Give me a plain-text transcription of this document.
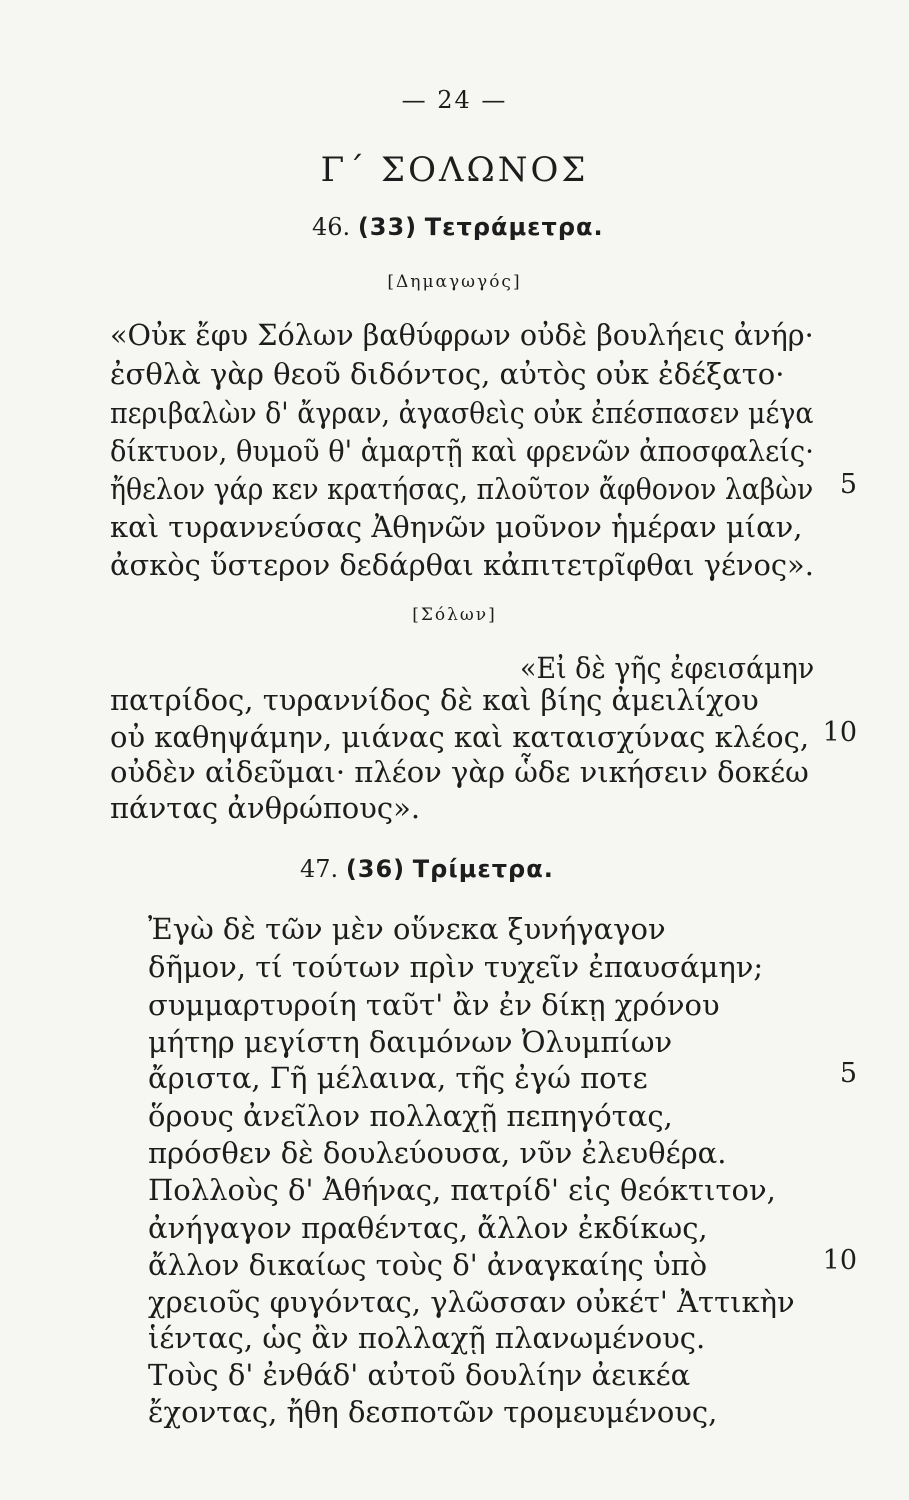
— 24 —
Γ΄ ΣΟΛΩΝΟΣ
46. (33) Τετράμετρα.
[Δημαγωγός]
«Οὐκ ἔφυ Σόλων βαθύφρων οὐδὲ βουλήεις ἀνήρ·
ἐσθλὰ γὰρ θεοῦ διδόντος, αὐτὸς οὐκ ἐδέξατο·
περιβαλὼν δ' ἄγραν, ἀγασθεὶς οὐκ ἐπέσπασεν μέγα
δίκτυον, θυμοῦ θ' ἁμαρτῇ καὶ φρενῶν ἀποσφαλείς·
ἤθελον γάρ κεν κρατήσας, πλοῦτον ἄφθονον λαβὼν 5
καὶ τυραννεύσας Ἀθηνῶν μοῦνον ἡμέραν μίαν,
ἀσκὸς ὕστερον δεδάρθαι κἀπιτετρῖφθαι γένος».
[Σόλων]
«Εἰ δὲ γῆς ἐφεισάμην
πατρίδος, τυραννίδος δὲ καὶ βίης ἀμειλίχου
οὐ καθηψάμην, μιάνας καὶ καταισχύνας κλέος, 10
οὐδὲν αἰδεῦμαι· πλέον γὰρ ὧδε νικήσειν δοκέω
πάντας ἀνθρώπους».
47. (36) Τρίμετρα.
Ἐγὼ δὲ τῶν μὲν οὕνεκα ξυνήγαγον
δῆμον, τί τούτων πρὶν τυχεῖν ἐπαυσάμην;
συμμαρτυροίη ταῦτ' ἂν ἐν δίκῃ χρόνου
μήτηρ μεγίστη δαιμόνων Ὀλυμπίων
ἄριστα, Γῆ μέλαινα, τῆς ἐγώ ποτε	5
ὅρους ἀνεῖλον πολλαχῇ πεπηγότας,
πρόσθεν δὲ δουλεύουσα, νῦν ἐλευθέρα.
Πολλοὺς δ' Ἀθήνας, πατρίδ' εἰς θεόκτιτον,
ἀνήγαγον πραθέντας, ἄλλον ἐκδίκως,
ἄλλον δικαίως τοὺς δ' ἀναγκαίης ὑπὸ	10
χρειοῦς φυγόντας, γλῶσσαν οὐκέτ' Ἀττικὴν
ἱέντας, ὡς ἂν πολλαχῇ πλανωμένους.
Τοὺς δ' ἐνθάδ' αὐτοῦ δουλίην ἀεικέα
ἔχοντας, ἤθη δεσποτῶν τρομευμένους,
